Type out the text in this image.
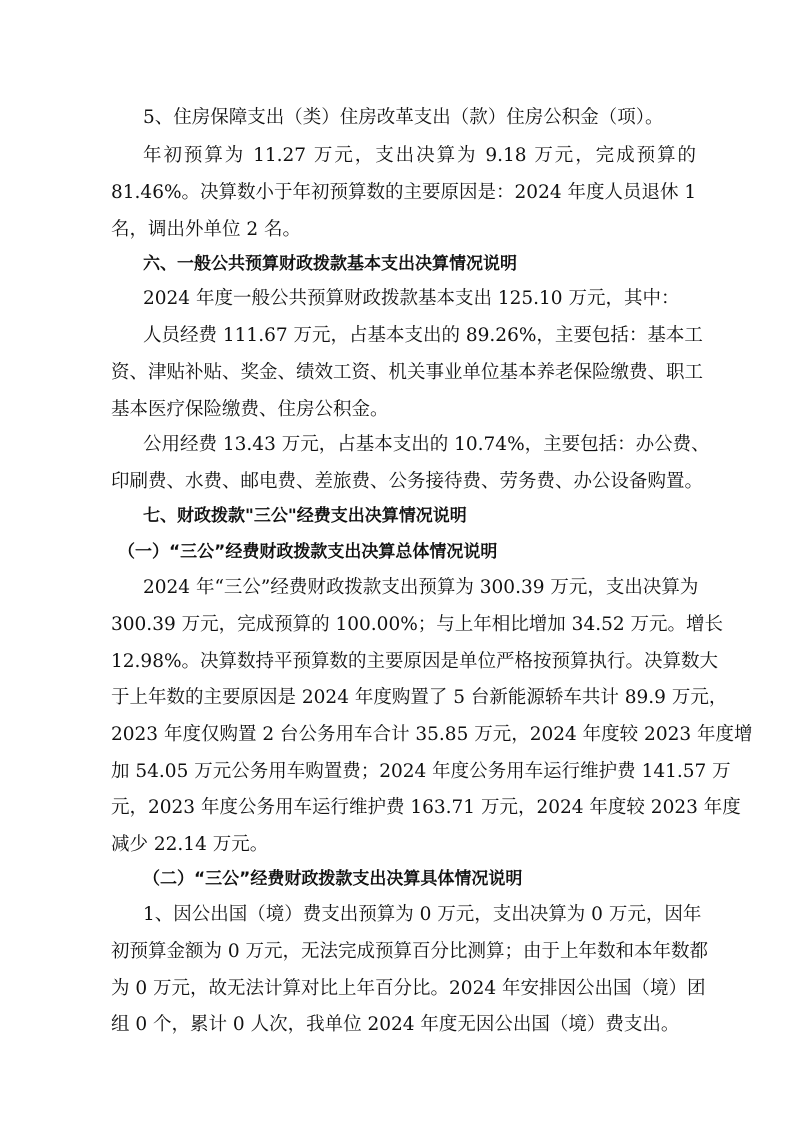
5、住房保障支出（类）住房改革支出（款）住房公积金（项）。

年初预算为 11.27 万元，支出决算为 9.18 万元，完成预算的

81.46%。决算数小于年初预算数的主要原因是：2024 年度人员退休 1

名，调出外单位 2 名。

六、一般公共预算财政拨款基本支出决算情况说明

2024 年度一般公共预算财政拨款基本支出 125.10 万元，其中：

人员经费 111.67 万元，占基本支出的 89.26%，主要包括：基本工

资、津贴补贴、奖金、绩效工资、机关事业单位基本养老保险缴费、职工

基本医疗保险缴费、住房公积金。

公用经费 13.43 万元，占基本支出的 10.74%，主要包括：办公费、

印刷费、水费、邮电费、差旅费、公务接待费、劳务费、办公设备购置。

七、财政拨款"三公"经费支出决算情况说明

（一）“三公”经费财政拨款支出决算总体情况说明

2024 年“三公”经费财政拨款支出预算为 300.39 万元，支出决算为

300.39 万元，完成预算的 100.00%；与上年相比增加 34.52 万元。增长

12.98%。决算数持平预算数的主要原因是单位严格按预算执行。决算数大

于上年数的主要原因是 2024 年度购置了 5 台新能源轿车共计 89.9 万元，

2023 年度仅购置 2 台公务用车合计 35.85 万元，2024 年度较 2023 年度增

加 54.05 万元公务用车购置费；2024 年度公务用车运行维护费 141.57 万

元，2023 年度公务用车运行维护费 163.71 万元，2024 年度较 2023 年度

减少 22.14 万元。

（二）“三公”经费财政拨款支出决算具体情况说明

1、因公出国（境）费支出预算为 0 万元，支出决算为 0 万元，因年

初预算金额为 0 万元，无法完成预算百分比测算；由于上年数和本年数都

为 0 万元，故无法计算对比上年百分比。2024 年安排因公出国（境）团

组 0 个，累计 0 人次，我单位 2024 年度无因公出国（境）费支出。
